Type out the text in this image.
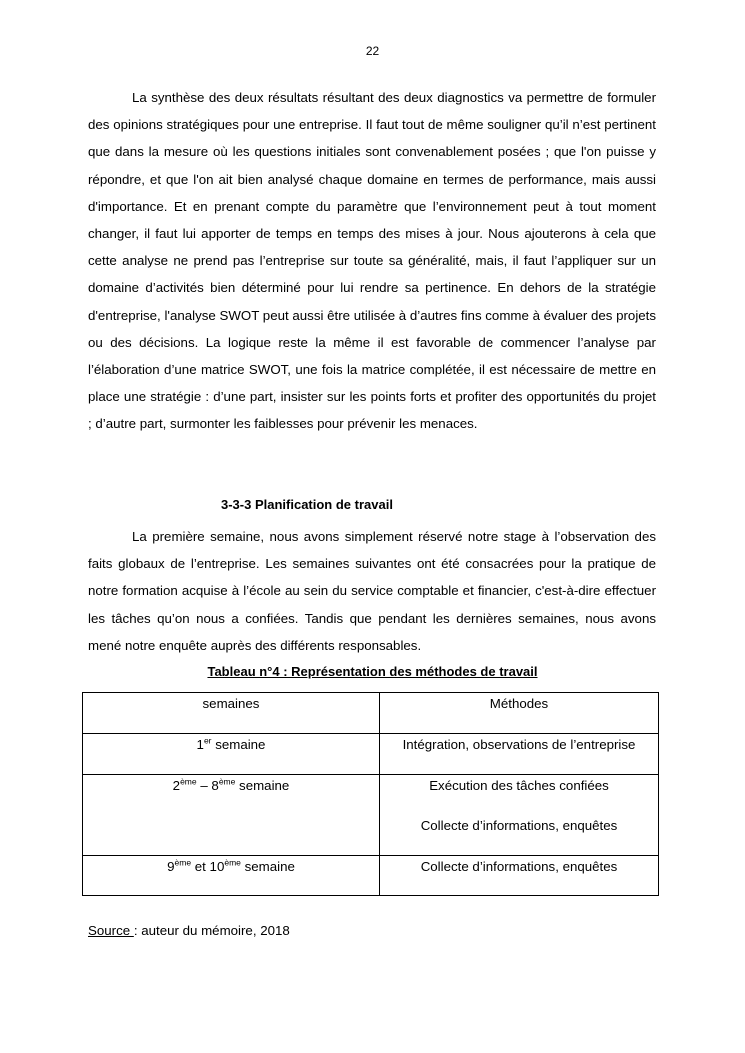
22

La synthèse des deux résultats résultant des deux diagnostics va permettre de formuler des opinions stratégiques pour une entreprise. Il faut tout de même souligner qu’il n’est pertinent que dans la mesure où les questions initiales sont convenablement posées ; que l'on puisse y répondre, et que l'on ait bien analysé chaque domaine en termes de performance, mais aussi d'importance. Et en prenant compte du paramètre que l’environnement peut à tout moment changer, il faut lui apporter de temps en temps des mises à jour. Nous ajouterons à cela que cette analyse ne prend pas l’entreprise sur toute sa généralité, mais, il faut l’appliquer sur un domaine d’activités bien déterminé pour lui rendre sa pertinence. En dehors de la stratégie d'entreprise, l'analyse SWOT peut aussi être utilisée à d’autres fins comme à évaluer des projets ou des décisions. La logique reste la même il est favorable de commencer l’analyse par l’élaboration d’une matrice SWOT, une fois la matrice complétée, il est nécessaire de mettre en place une stratégie : d’une part, insister sur les points forts et profiter des opportunités du projet ; d’autre part, surmonter les faiblesses pour prévenir les menaces.

3-3-3 Planification de travail

La première semaine, nous avons simplement réservé notre stage à l’observation des faits globaux de l’entreprise. Les semaines suivantes ont été consacrées pour la pratique de notre formation acquise à l’école au sein du service comptable et financier, c'est-à-dire effectuer les tâches qu’on nous a confiées. Tandis que pendant les dernières semaines, nous avons mené notre enquête auprès des différents responsables.

Tableau n°4 : Représentation des méthodes de travail
semaines	Méthodes
1er semaine	Intégration, observations de l’entreprise
2ème – 8ème semaine	Exécution des tâches confiées
Collecte d’informations, enquêtes
9ème et 10ème semaine	Collecte d’informations, enquêtes
Source : auteur du mémoire, 2018
